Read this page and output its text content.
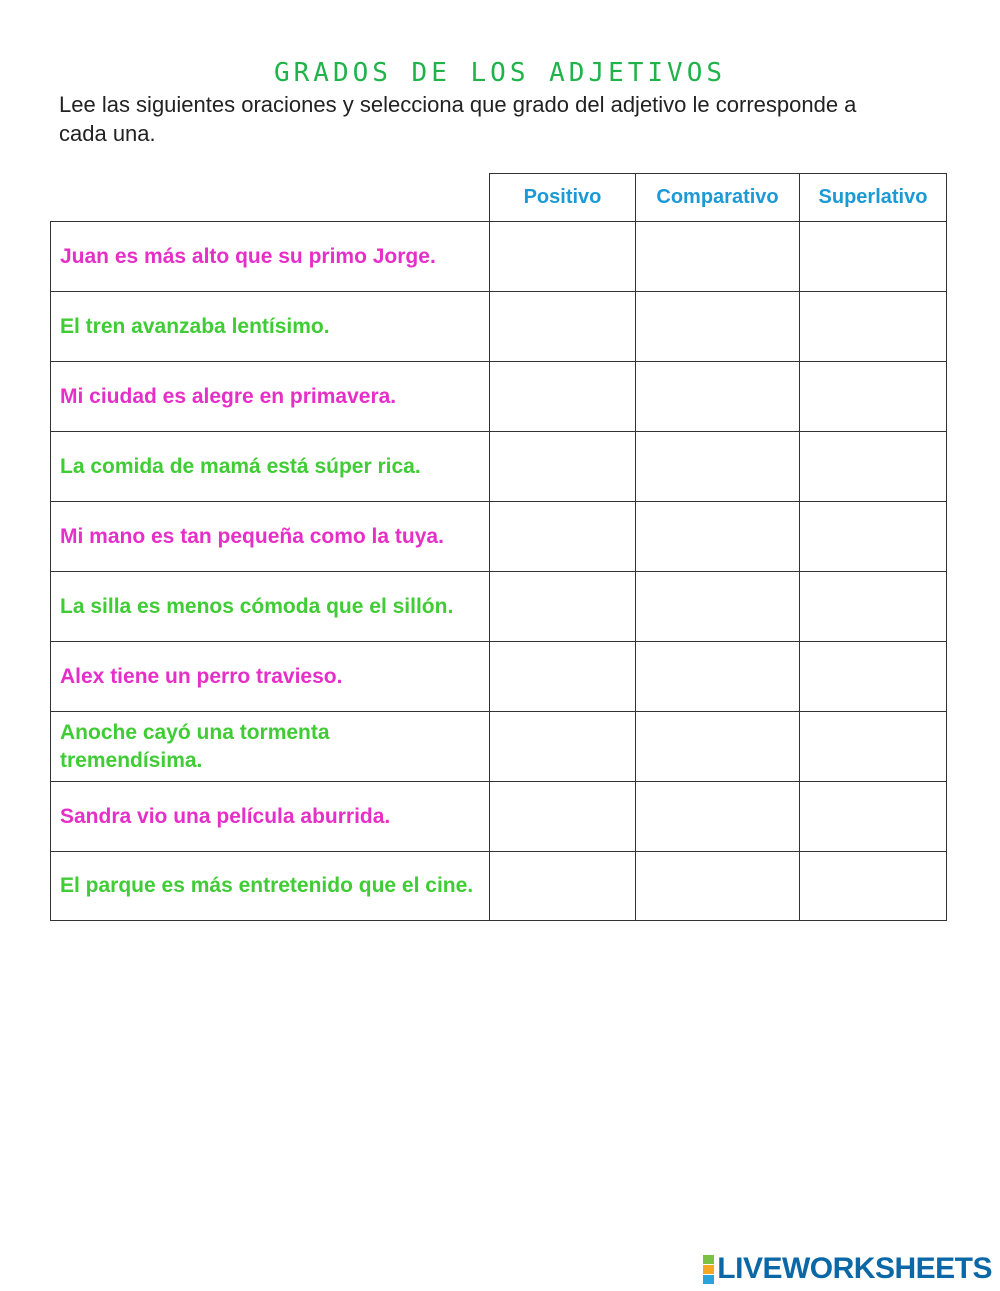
GRADOS DE LOS ADJETIVOS
Lee las siguientes oraciones y selecciona que grado del adjetivo le corresponde a cada una.
Positivo	Comparativo	Superlativo
Juan es más alto que su primo Jorge.
El tren avanzaba lentísimo.
Mi ciudad es alegre en primavera.
La comida de mamá está súper rica.
Mi mano es tan pequeña como la tuya.
La silla es menos cómoda que el sillón.
Alex tiene un perro travieso.
Anoche cayó una tormenta tremendísima.
Sandra vio una película aburrida.
El parque es más entretenido que el cine.
LIVEWORKSHEETS
